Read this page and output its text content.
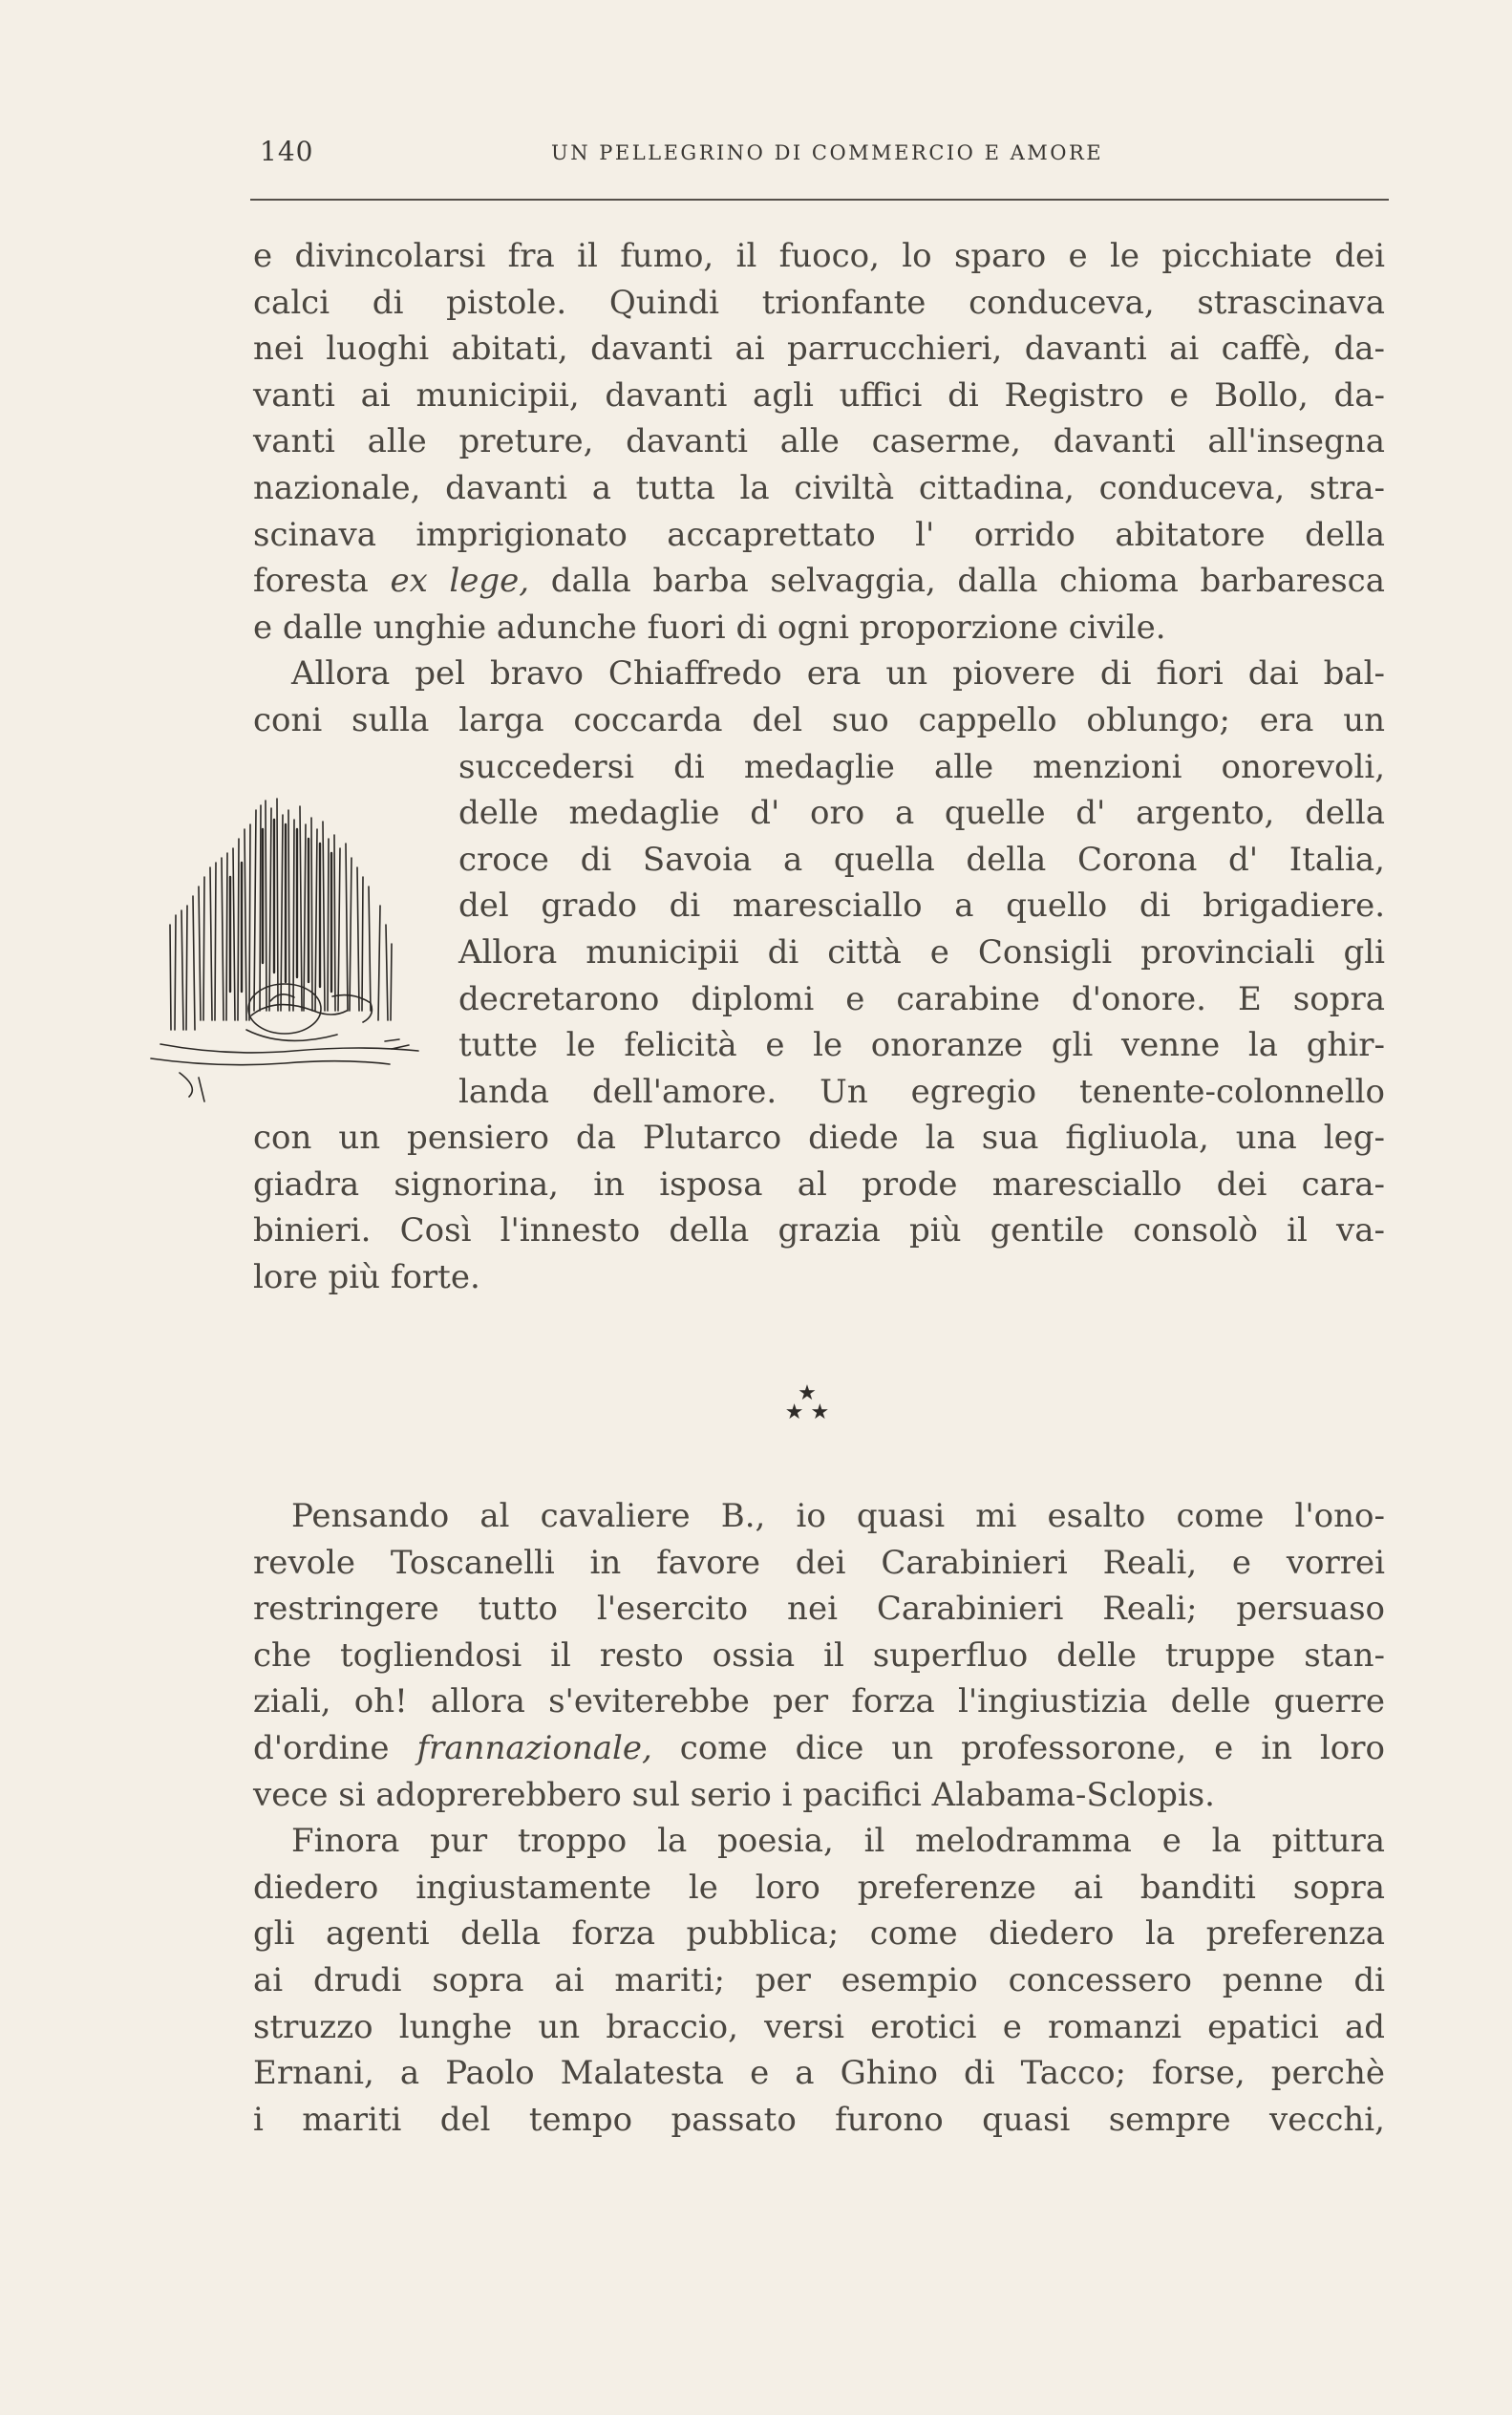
140	UN PELLEGRINO DI COMMERCIO E AMORE
e divincolarsi fra il fumo, il fuoco, lo sparo e le picchiate dei
calci di pistole. Quindi trionfante conduceva, strascinava
nei luoghi abitati, davanti ai parrucchieri, davanti ai caffè, da-
vanti ai municipii, davanti agli uffici di Registro e Bollo, da-
vanti alle preture, davanti alle caserme, davanti all'insegna
nazionale, davanti a tutta la civiltà cittadina, conduceva, stra-
scinava imprigionato accaprettato l' orrido abitatore della
foresta ex lege, dalla barba selvaggia, dalla chioma barbaresca
e dalle unghie adunche fuori di ogni proporzione civile.
Allora pel bravo Chiaffredo era un piovere di fiori dai bal-
coni sulla larga coccarda del suo cappello oblungo; era un
succedersi di medaglie alle menzioni onorevoli,
delle medaglie d' oro a quelle d' argento, della
croce di Savoia a quella della Corona d' Italia,
del grado di maresciallo a quello di brigadiere.
Allora municipii di città e Consigli provinciali gli
decretarono diplomi e carabine d'onore. E sopra
tutte le felicità e le onoranze gli venne la ghir-
landa dell'amore. Un egregio tenente-colonnello
con un pensiero da Plutarco diede la sua figliuola, una leg-
giadra signorina, in isposa al prode maresciallo dei cara-
binieri. Così l'innesto della grazia più gentile consolò il va-
lore più forte.
★
★ ★
Pensando al cavaliere B., io quasi mi esalto come l'ono-
revole Toscanelli in favore dei Carabinieri Reali, e vorrei
restringere tutto l'esercito nei Carabinieri Reali; persuaso
che togliendosi il resto ossia il superfluo delle truppe stan-
ziali, oh! allora s'eviterebbe per forza l'ingiustizia delle guerre
d'ordine frannazionale, come dice un professorone, e in loro
vece si adoprerebbero sul serio i pacifici Alabama-Sclopis.
Finora pur troppo la poesia, il melodramma e la pittura
diedero ingiustamente le loro preferenze ai banditi sopra
gli agenti della forza pubblica; come diedero la preferenza
ai drudi sopra ai mariti; per esempio concessero penne di
struzzo lunghe un braccio, versi erotici e romanzi epatici ad
Ernani, a Paolo Malatesta e a Ghino di Tacco; forse, perchè
i mariti del tempo passato furono quasi sempre vecchi,
